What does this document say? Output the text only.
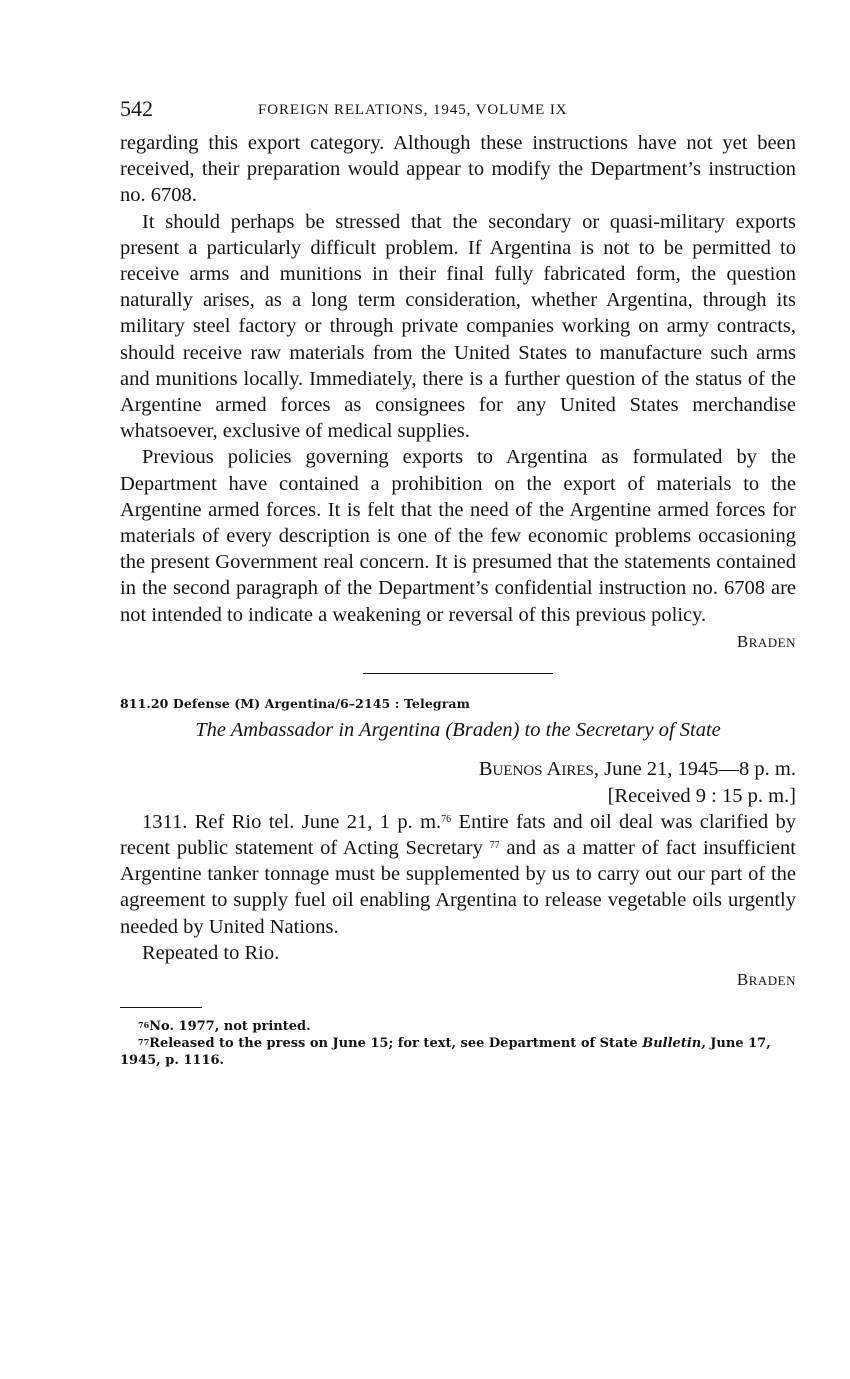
542	FOREIGN RELATIONS, 1945, VOLUME IX

regarding this export category. Although these instructions have not yet been received, their preparation would appear to modify the Department’s instruction no. 6708.

It should perhaps be stressed that the secondary or quasi-military exports present a particularly difficult problem. If Argentina is not to be permitted to receive arms and munitions in their final fully fabricated form, the question naturally arises, as a long term consideration, whether Argentina, through its military steel factory or through private companies working on army contracts, should receive raw materials from the United States to manufacture such arms and munitions locally. Immediately, there is a further question of the status of the Argentine armed forces as consignees for any United States merchandise whatsoever, exclusive of medical supplies.

Previous policies governing exports to Argentina as formulated by the Department have contained a prohibition on the export of materials to the Argentine armed forces. It is felt that the need of the Argentine armed forces for materials of every description is one of the few economic problems occasioning the present Government real concern. It is presumed that the statements contained in the second paragraph of the Department’s confidential instruction no. 6708 are not intended to indicate a weakening or reversal of this previous policy.

BRADEN
811.20 Defense (M) Argentina/6–2145 : Telegram
The Ambassador in Argentina (Braden) to the Secretary of State
BUENOS AIRES, June 21, 1945—8 p. m.
[Received 9 : 15 p. m.]

1311. Ref Rio tel. June 21, 1 p. m.$^{76}$ Entire fats and oil deal was clarified by recent public statement of Acting Secretary $^{77}$ and as a matter of fact insufficient Argentine tanker tonnage must be supplemented by us to carry out our part of the agreement to supply fuel oil enabling Argentina to release vegetable oils urgently needed by United Nations.

Repeated to Rio.

BRADEN
$^{76}$No. 1977, not printed.
$^{77}$Released to the press on June 15; for text, see Department of State Bulletin, June 17, 1945, p. 1116.
